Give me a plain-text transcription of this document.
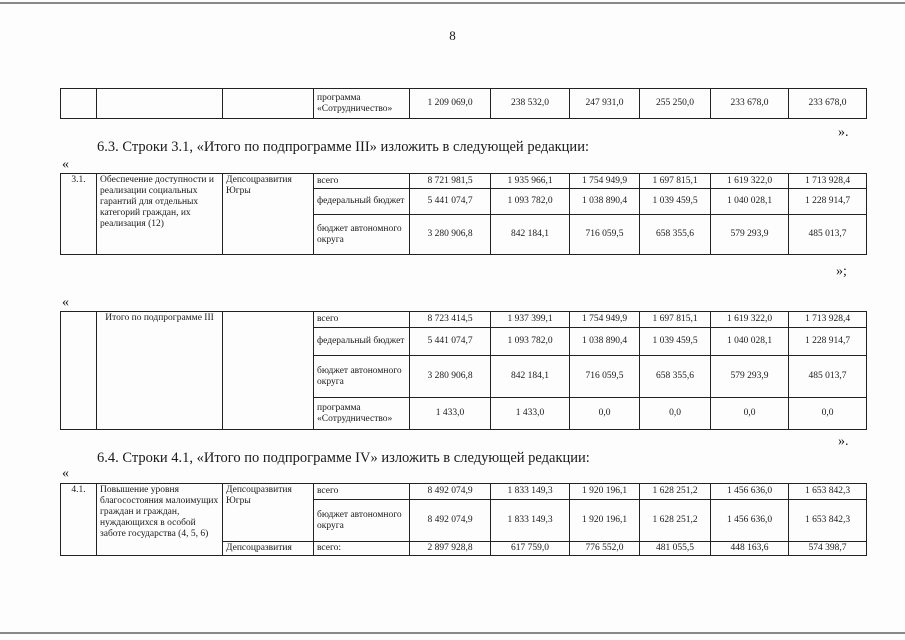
8
			программа «Сотрудничество»	1 209 069,0	238 532,0	247 931,0	255 250,0	233 678,0	233 678,0
».
6.3. Строки 3.1, «Итого по подпрограмме III» изложить в следующей редакции:
«
3.1.	Обеспечение доступности и реализации социальных гарантий для отдельных категорий граждан, их реализация (12)	Депсоцразвития Югры	всего	8 721 981,5	1 935 966,1	1 754 949,9	1 697 815,1	1 619 322,0	1 713 928,4
			федеральный бюджет	5 441 074,7	1 093 782,0	1 038 890,4	1 039 459,5	1 040 028,1	1 228 914,7
			бюджет автономного округа	3 280 906,8	842 184,1	716 059,5	658 355,6	579 293,9	485 013,7
»;
«
	Итого по подпрограмме III		всего	8 723 414,5	1 937 399,1	1 754 949,9	1 697 815,1	1 619 322,0	1 713 928,4
			федеральный бюджет	5 441 074,7	1 093 782,0	1 038 890,4	1 039 459,5	1 040 028,1	1 228 914,7
			бюджет автономного округа	3 280 906,8	842 184,1	716 059,5	658 355,6	579 293,9	485 013,7
			программа «Сотрудничество»	1 433,0	1 433,0	0,0	0,0	0,0	0,0
».
6.4. Строки 4.1, «Итого по подпрограмме IV» изложить в следующей редакции:
«
4.1.	Повышение уровня благосостояния малоимущих граждан и граждан, нуждающихся в особой заботе государства (4, 5, 6)	Депсоцразвития Югры	всего	8 492 074,9	1 833 149,3	1 920 196,1	1 628 251,2	1 456 636,0	1 653 842,3
			бюджет автономного округа	8 492 074,9	1 833 149,3	1 920 196,1	1 628 251,2	1 456 636,0	1 653 842,3
		Депсоцразвития	всего:	2 897 928,8	617 759,0	776 552,0	481 055,5	448 163,6	574 398,7
